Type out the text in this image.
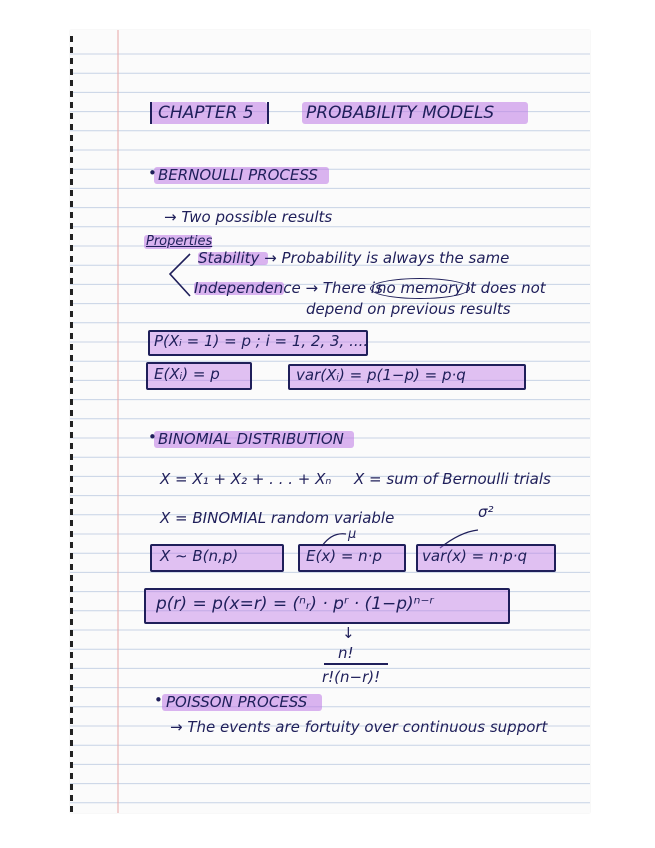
CHAPTER 5	PROBABILITY MODELS
• BERNOULLI PROCESS
→ Two possible results
Properties
Stability → Probability is always the same
Independence → There is
no memory
. It does not
depend on previous results
P(Xᵢ = 1) = p ; i = 1, 2, 3, ....
E(Xᵢ) = p	var(Xᵢ) = p(1−p) = p·q
• BINOMIAL DISTRIBUTION
X = X₁ + X₂ + . . . + Xₙ X = sum of Bernoulli trials
X = BINOMIAL random variable
μ
σ²
X ∼ B(n,p)	E(x) = n·p	var(x) = n·p·q
p(r) = p(x=r) = (ⁿᵣ) · pʳ · (1−p)ⁿ⁻ʳ
↓
n!
r!(n−r)!
• POISSON PROCESS
→ The events are fortuity over continuous support
